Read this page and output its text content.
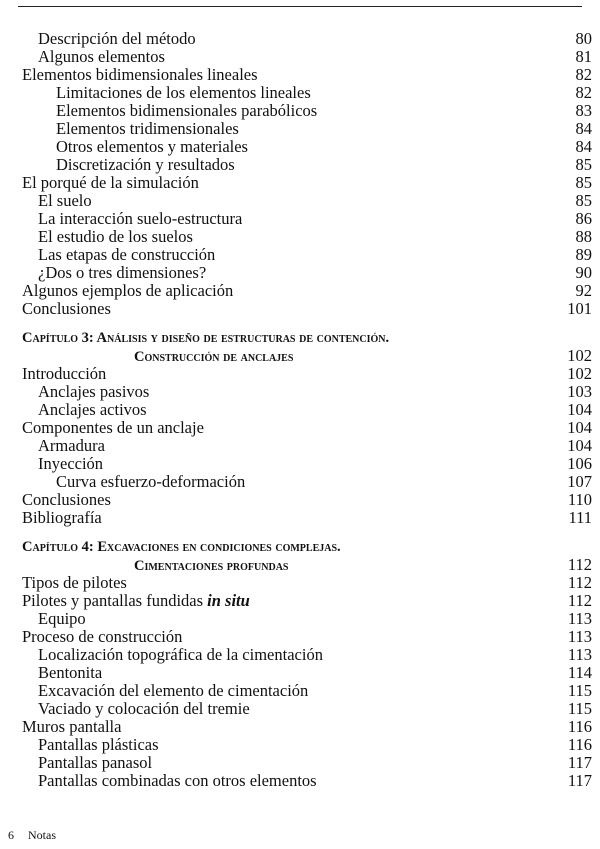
Descripción del método	80
Algunos elementos	81
Elementos bidimensionales lineales	82
Limitaciones de los elementos lineales	82
Elementos bidimensionales parabólicos	83
Elementos tridimensionales	84
Otros elementos y materiales	84
Discretización y resultados	85
El porqué de la simulación	85
El suelo	85
La interacción suelo-estructura	86
El estudio de los suelos	88
Las etapas de construcción	89
¿Dos o tres dimensiones?	90
Algunos ejemplos de aplicación	92
Conclusiones	101
Capítulo 3: Análisis y diseño de estructuras de contención.
Construcción de anclajes	102
Introducción	102
Anclajes pasivos	103
Anclajes activos	104
Componentes de un anclaje	104
Armadura	104
Inyección	106
Curva esfuerzo-deformación	107
Conclusiones	110
Bibliografía	111
Capítulo 4: Excavaciones en condiciones complejas.
Cimentaciones profundas	112
Tipos de pilotes	112
Pilotes y pantallas fundidas in situ	112
Equipo	113
Proceso de construcción	113
Localización topográfica de la cimentación	113
Bentonita	114
Excavación del elemento de cimentación	115
Vaciado y colocación del tremie	115
Muros pantalla	116
Pantallas plásticas	116
Pantallas panasol	117
Pantallas combinadas con otros elementos	117
6 Notas
